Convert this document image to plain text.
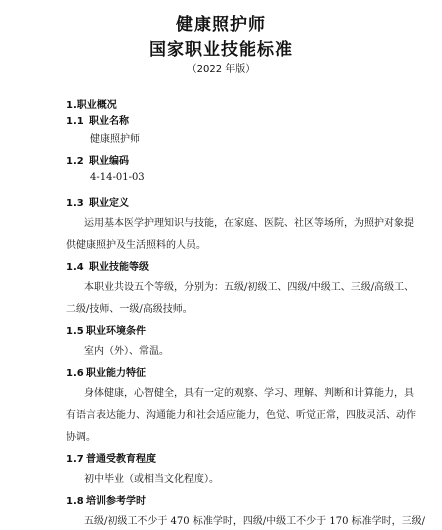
健康照护师
国家职业技能标准
（2022 年版）
1.职业概况
1.1 职业名称
健康照护师
1.2 职业编码
4-14-01-03
1.3 职业定义
运用基本医学护理知识与技能，在家庭、医院、社区等场所，为照护对象提
供健康照护及生活照料的人员。
1.4 职业技能等级
本职业共设五个等级，分别为：五级/初级工、四级/中级工、三级/高级工、
二级/技师、一级/高级技师。
1.5 职业环境条件
室内（外）、常温。
1.6 职业能力特征
身体健康，心智健全，具有一定的观察、学习、理解、判断和计算能力，具
有语言表达能力、沟通能力和社会适应能力，色觉、听觉正常，四肢灵活、动作
协调。
1.7 普通受教育程度
初中毕业（或相当文化程度）。
1.8 培训参考学时
五级/初级工不少于 470 标准学时，四级/中级工不少于 170 标准学时，三级/
